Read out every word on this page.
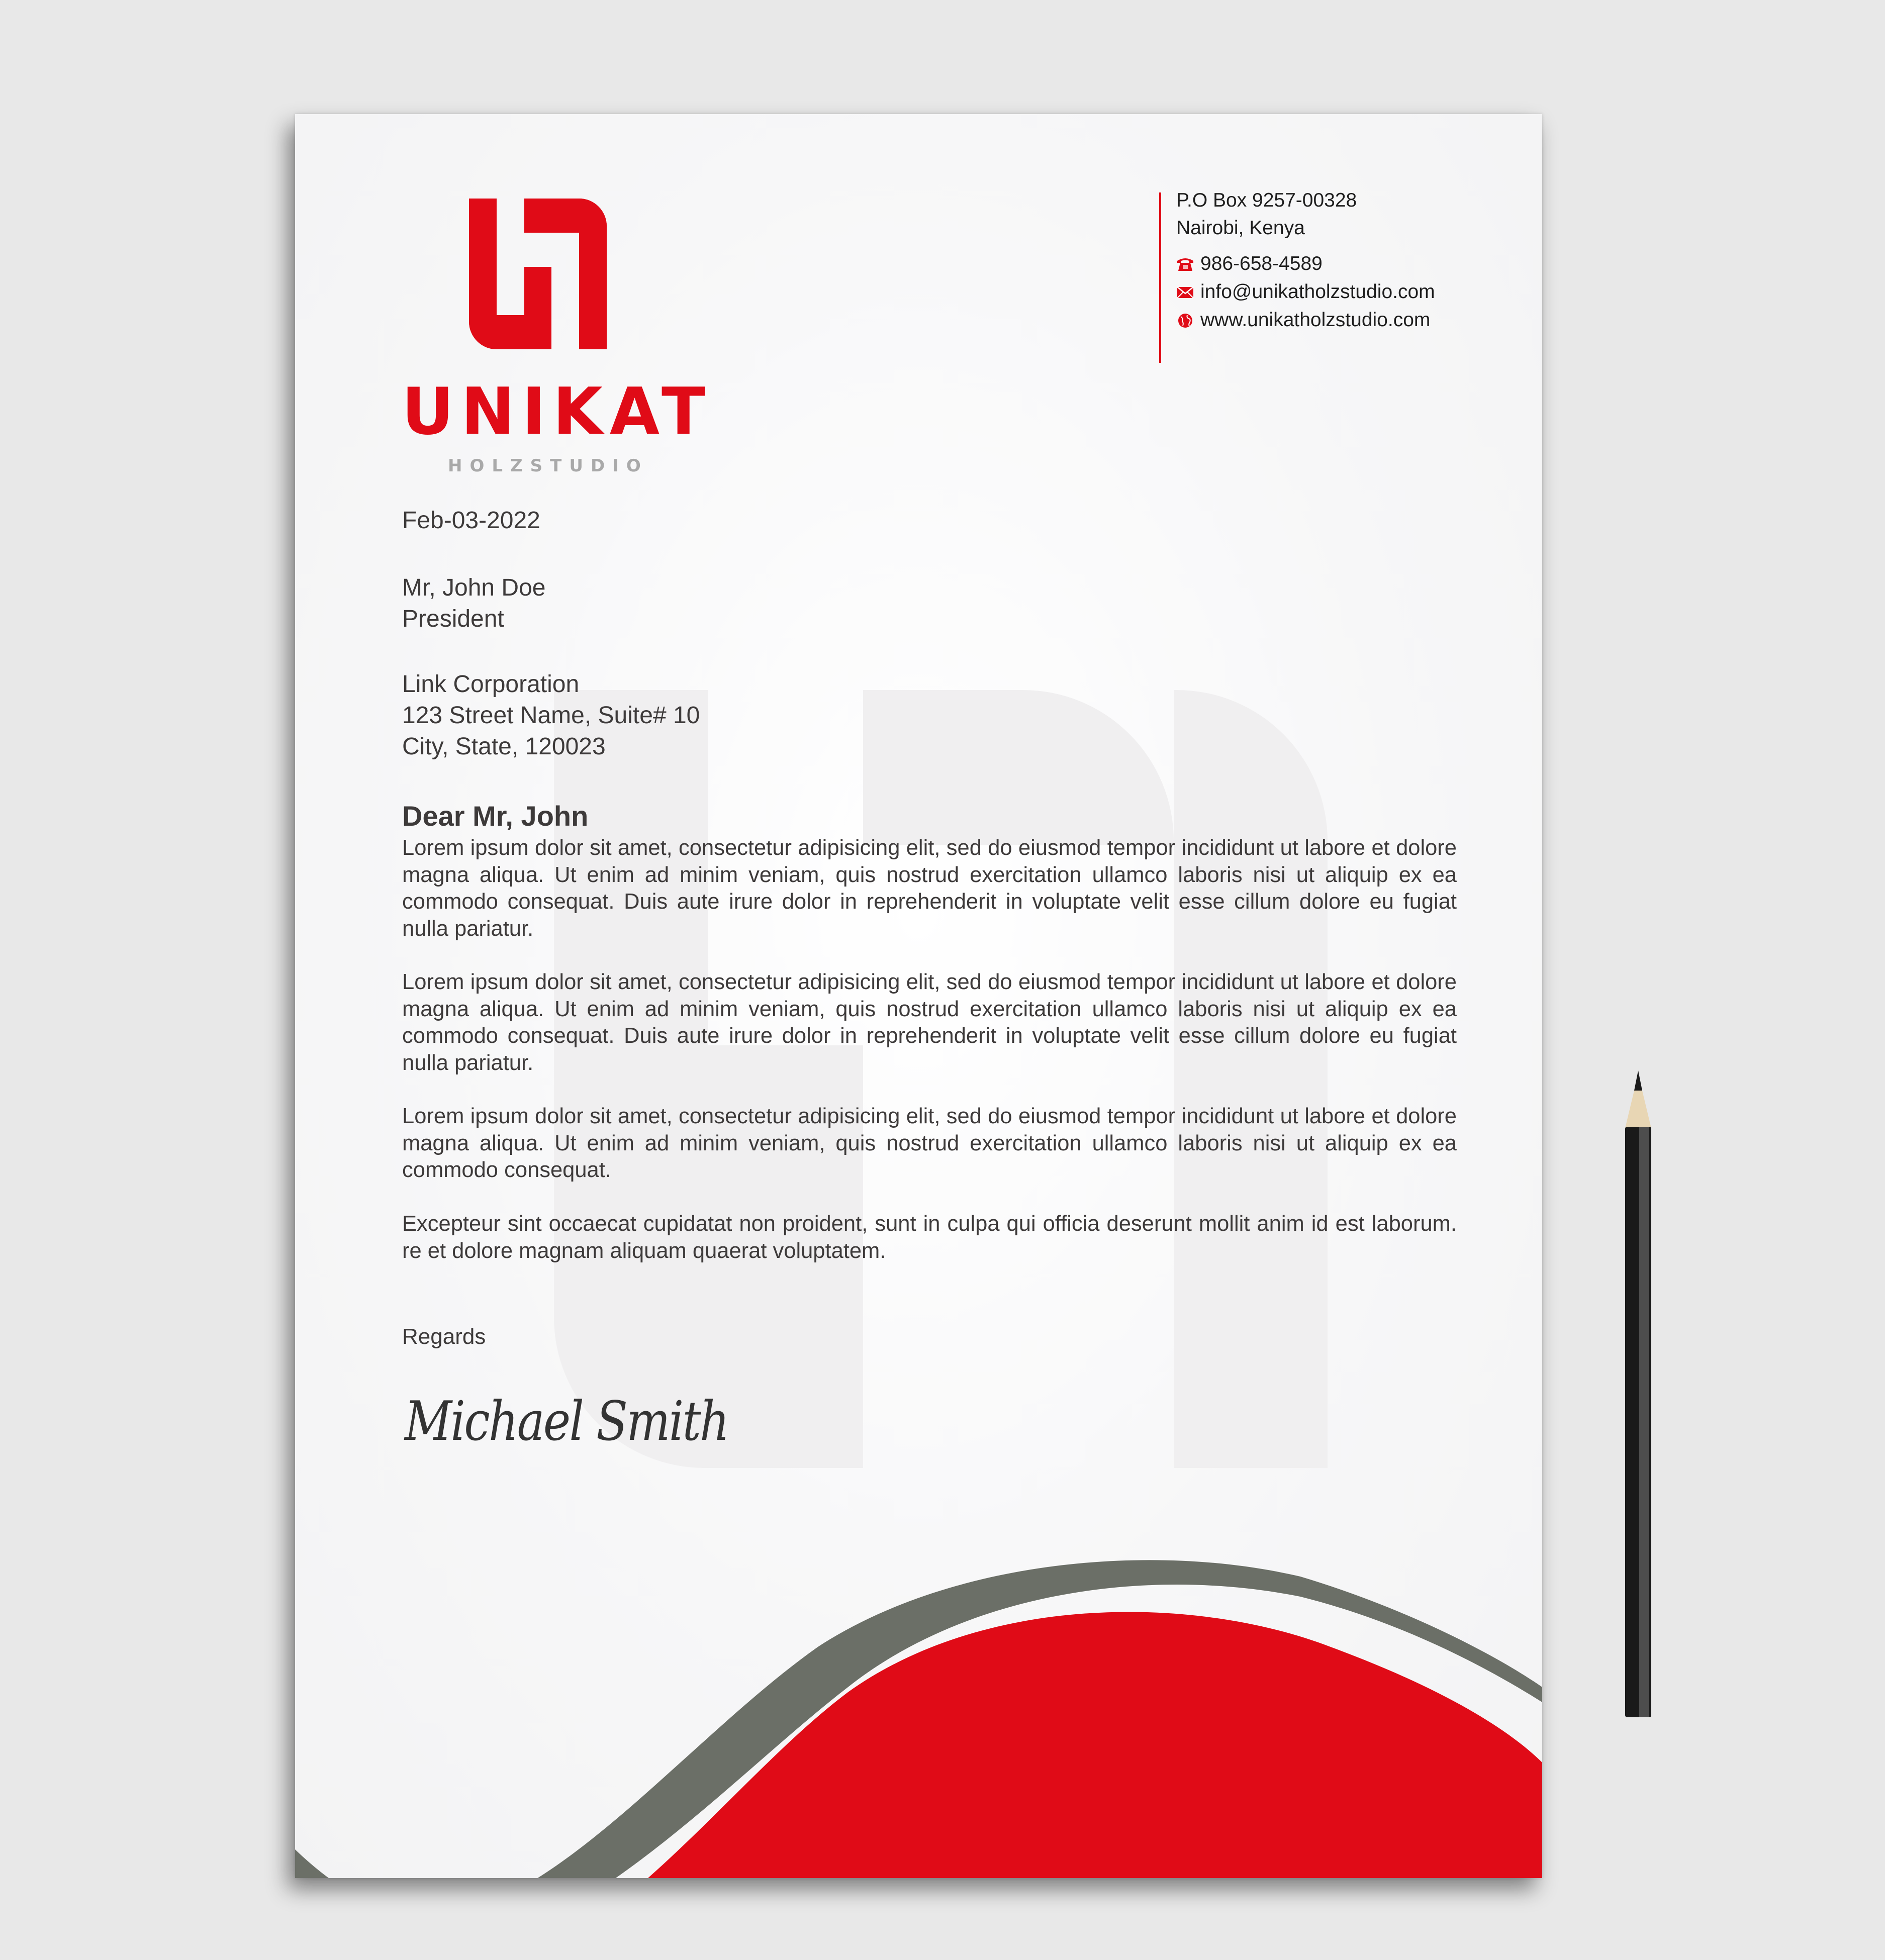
UNIKAT
HOLZSTUDIO
P.O Box 9257-00328
Nairobi, Kenya
986-658-4589
info@unikatholzstudio.com
www.unikatholzstudio.com
Feb-03-2022
Mr, John Doe
President
Link Corporation
123 Street Name, Suite# 10
City, State, 120023
Dear Mr, John
Lorem ipsum dolor sit amet, consectetur adipisicing elit, sed do eiusmod tempor incididunt ut labore et dolore magna aliqua. Ut enim ad minim veniam, quis nostrud exercitation ullamco laboris nisi ut aliquip ex ea commodo consequat. Duis aute irure dolor in reprehenderit in voluptate velit esse cillum dolore eu fugiat nulla pariatur.
Lorem ipsum dolor sit amet, consectetur adipisicing elit, sed do eiusmod tempor incididunt ut labore et dolore magna aliqua. Ut enim ad minim veniam, quis nostrud exercitation ullamco laboris nisi ut aliquip ex ea commodo consequat. Duis aute irure dolor in reprehenderit in voluptate velit esse cillum dolore eu fugiat nulla pariatur.
Lorem ipsum dolor sit amet, consectetur adipisicing elit, sed do eiusmod tempor incididunt ut labore et dolore magna aliqua. Ut enim ad minim veniam, quis nostrud exercitation ullamco laboris nisi ut aliquip ex ea commodo consequat.
Excepteur sint occaecat cupidatat non proident, sunt in culpa qui officia deserunt mollit anim id est laborum. re et dolore magnam aliquam quaerat voluptatem.
Regards
Michael Smith
